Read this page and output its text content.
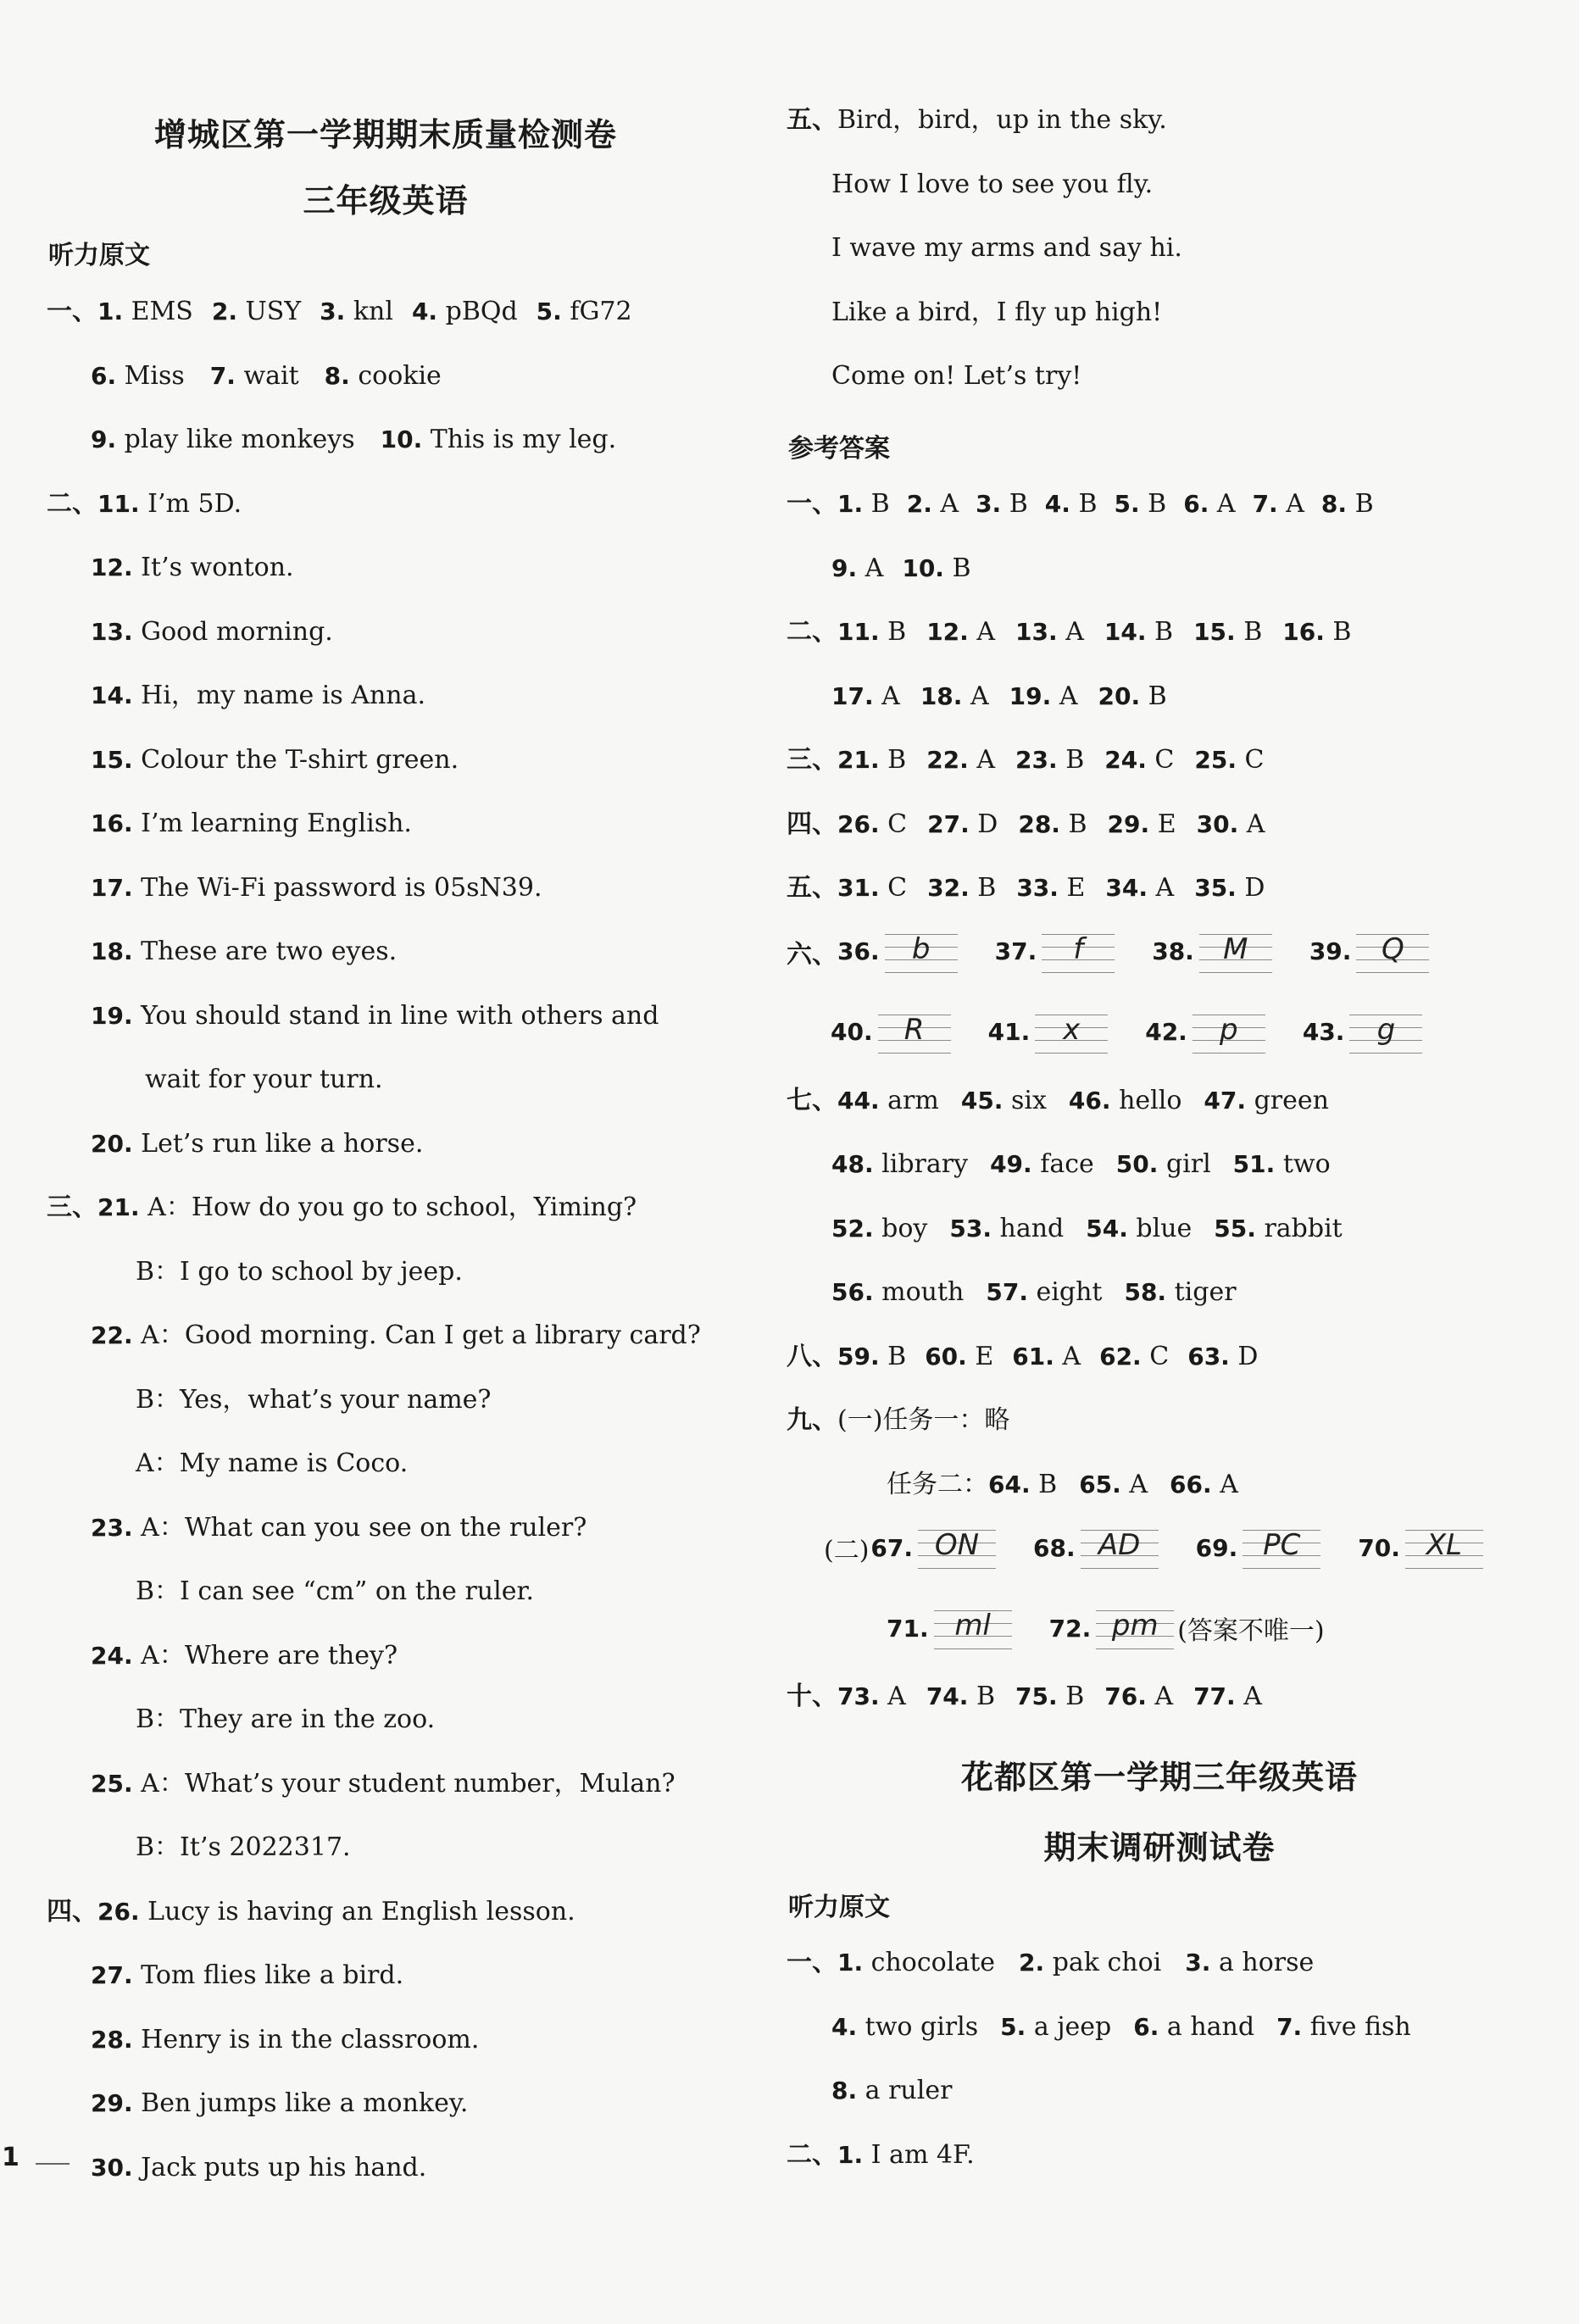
增城区第一学期期末质量检测卷
三年级英语
听力原文
一、1. EMS 2. USY 3. knl 4. pBQd 5. fG72
6. Miss 7. wait 8. cookie
9. play like monkeys 10. This is my leg.
二、11. I’m 5D.
12. It’s wonton.
13. Good morning.
14. Hi，my name is Anna.
15. Colour the T-shirt green.
16. I’m learning English.
17. The Wi-Fi password is 05sN39.
18. These are two eyes.
19. You should stand in line with others and
wait for your turn.
20. Let’s run like a horse.
三、21. A：How do you go to school，Yiming?
B：I go to school by jeep.
22. A：Good morning. Can I get a library card?
B：Yes，what’s your name?
A：My name is Coco.
23. A：What can you see on the ruler?
B：I can see “cm” on the ruler.
24. A：Where are they?
B：They are in the zoo.
25. A：What’s your student number，Mulan?
B：It’s 2022317.
四、26. Lucy is having an English lesson.
27. Tom flies like a bird.
28. Henry is in the classroom.
29. Ben jumps like a monkey.
30. Jack puts up his hand.
五、Bird，bird，up in the sky.
How I love to see you fly.
I wave my arms and say hi.
Like a bird，I fly up high!
Come on! Let’s try!
参考答案
一、1. B 2. A 3. B 4. B 5. B 6. A 7. A 8. B
9. A 10. B
二、11. B 12. A 13. A 14. B 15. B 16. B
17. A 18. A 19. A 20. B
三、21. B 22. A 23. B 24. C 25. C
四、26. C 27. D 28. B 29. E 30. A
五、31. C 32. B 33. E 34. A 35. D
六、 36.	b	37.	f	38.	M	39.	Q
40.	R	41.	x	42.	p	43.	g
七、44. arm 45. six 46. hello 47. green
48. library 49. face 50. girl 51. two
52. boy 53. hand 54. blue 55. rabbit
56. mouth 57. eight 58. tiger
八、59. B 60. E 61. A 62. C 63. D
九、(一)任务一：略
任务二：64. B 65. A 66. A
(二) 67. ON	68. AD	69. PC	70. XL
71. ml	72. pm (答案不唯一)
十、73. A 74. B 75. B 76. A 77. A
花都区第一学期三年级英语
期末调研测试卷
听力原文
一、1. chocolate 2. pak choi 3. a horse
4. two girls 5. a jeep 6. a hand 7. five fish
8. a ruler
二、1. I am 4F.
1
